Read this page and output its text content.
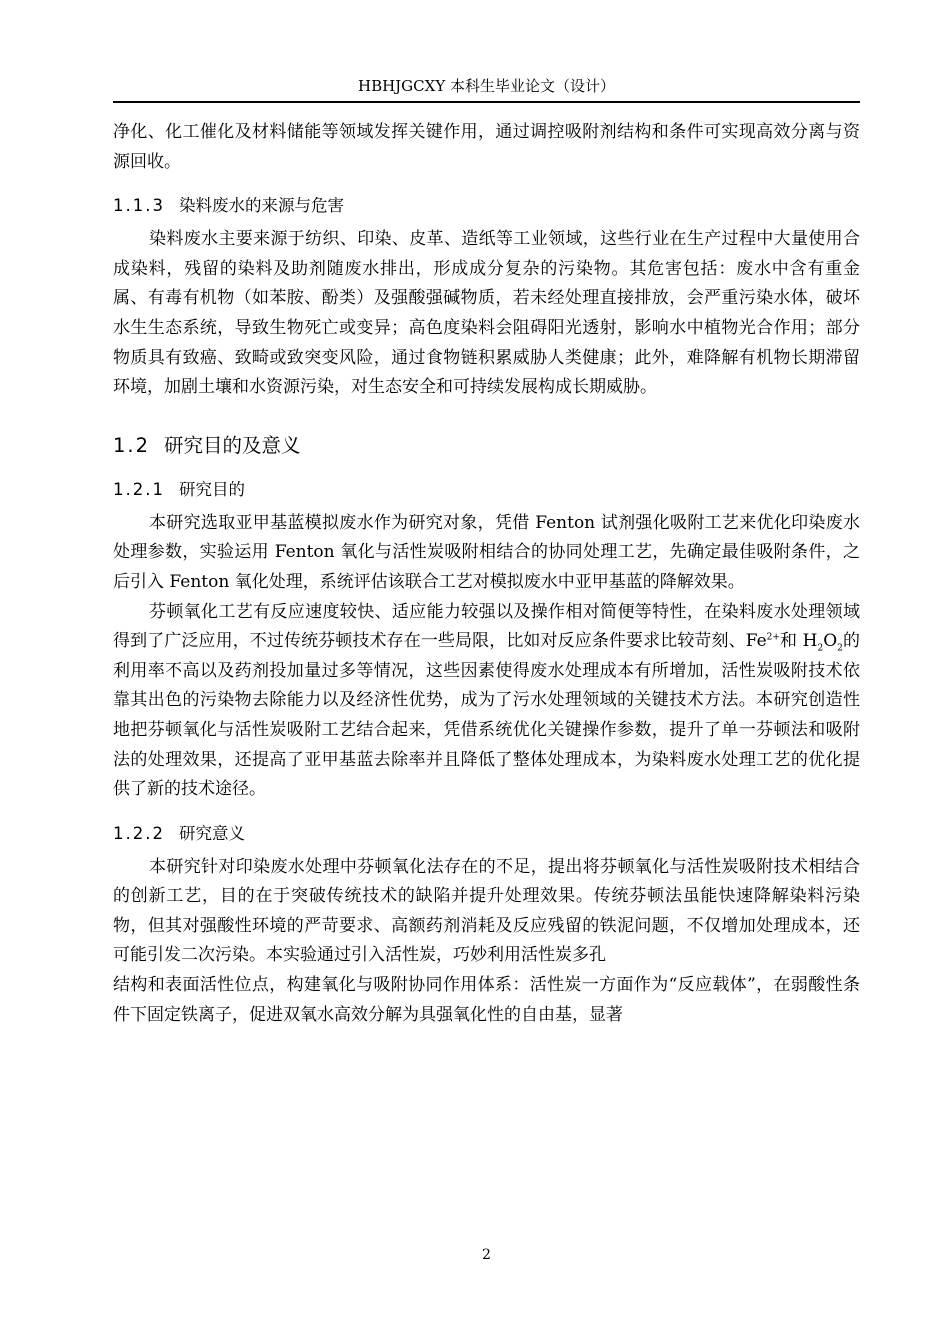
HBHJGCXY 本科生毕业论文（设计）

净化、化工催化及材料储能等领域发挥关键作用，通过调控吸附剂结构和条件可实现高效分离与资源回收。

1.1.3 染料废水的来源与危害

染料废水主要来源于纺织、印染、皮革、造纸等工业领域，这些行业在生产过程中大量使用合成染料，残留的染料及助剂随废水排出，形成成分复杂的污染物。其危害包括：废水中含有重金属、有毒有机物（如苯胺、酚类）及强酸强碱物质，若未经处理直接排放，会严重污染水体，破坏水生生态系统，导致生物死亡或变异；高色度染料会阻碍阳光透射，影响水中植物光合作用；部分物质具有致癌、致畸或致突变风险，通过食物链积累威胁人类健康；此外，难降解有机物长期滞留环境，加剧土壤和水资源污染，对生态安全和可持续发展构成长期威胁。

1.2 研究目的及意义
1.2.1 研究目的

本研究选取亚甲基蓝模拟废水作为研究对象，凭借 Fenton 试剂强化吸附工艺来优化印染废水处理参数，实验运用 Fenton 氧化与活性炭吸附相结合的协同处理工艺，先确定最佳吸附条件，之后引入 Fenton 氧化处理，系统评估该联合工艺对模拟废水中亚甲基蓝的降解效果。

芬顿氧化工艺有反应速度较快、适应能力较强以及操作相对简便等特性，在染料废水处理领域得到了广泛应用，不过传统芬顿技术存在一些局限，比如对反应条件要求比较苛刻、$Fe^{2+}$和 $H_2O_2$的利用率不高以及药剂投加量过多等情况，这些因素使得废水处理成本有所增加，活性炭吸附技术依靠其出色的污染物去除能力以及经济性优势，成为了污水处理领域的关键技术方法。本研究创造性地把芬顿氧化与活性炭吸附工艺结合起来，凭借系统优化关键操作参数，提升了单一芬顿法和吸附法的处理效果，还提高了亚甲基蓝去除率并且降低了整体处理成本，为染料废水处理工艺的优化提供了新的技术途径。

1.2.2 研究意义

本研究针对印染废水处理中芬顿氧化法存在的不足，提出将芬顿氧化与活性炭吸附技术相结合的创新工艺，目的在于突破传统技术的缺陷并提升处理效果。传统芬顿法虽能快速降解染料污染物，但其对强酸性环境的严苛要求、高额药剂消耗及反应残留的铁泥问题，不仅增加处理成本，还可能引发二次污染。本实验通过引入活性炭，巧妙利用活性炭多孔

结构和表面活性位点，构建氧化与吸附协同作用体系：活性炭一方面作为“反应载体”，在弱酸性条件下固定铁离子，促进双氧水高效分解为具强氧化性的自由基，显著

2
